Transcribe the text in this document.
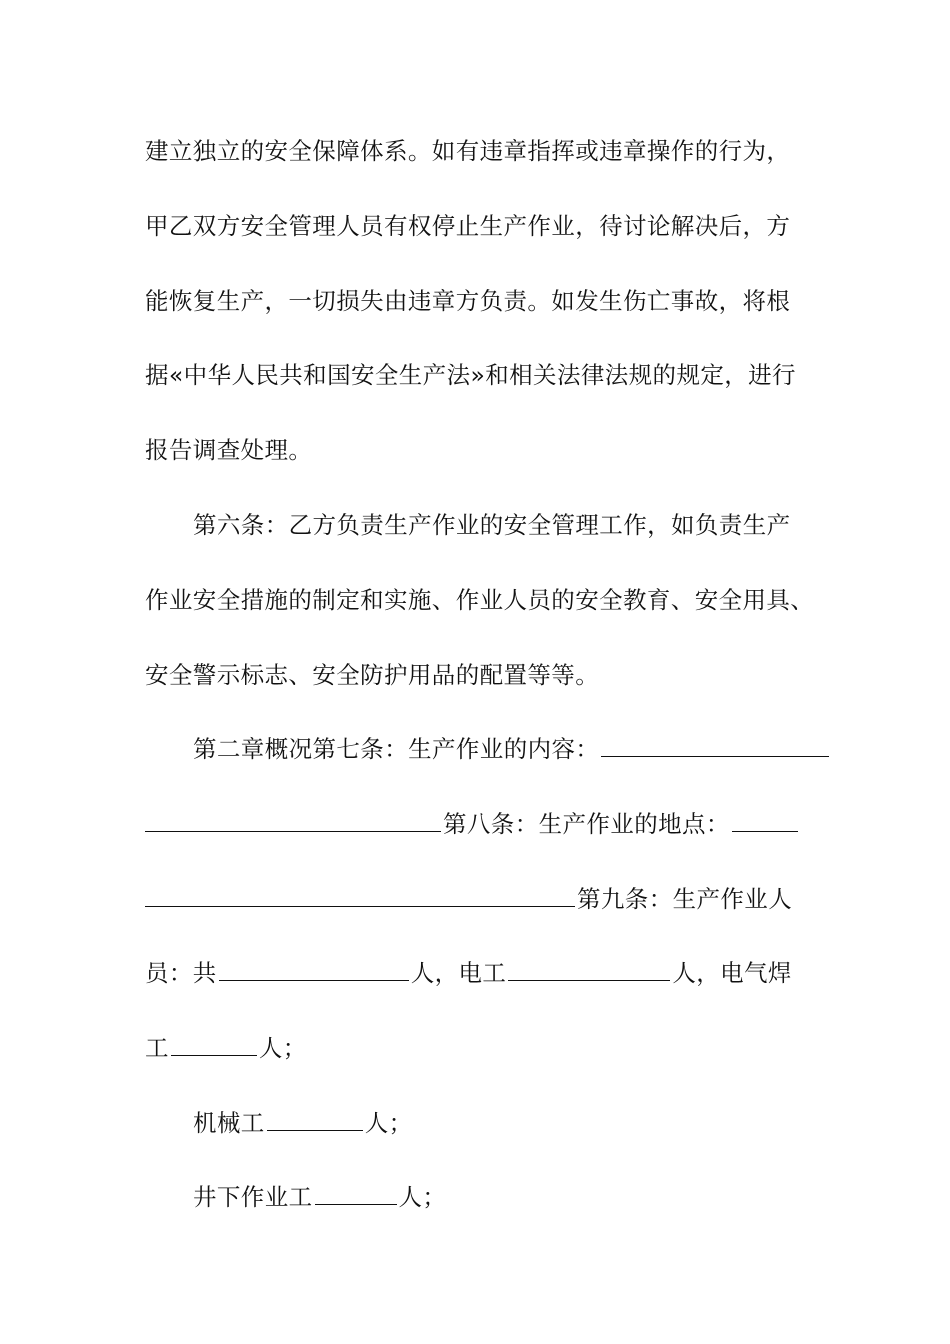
建立独立的安全保障体系。如有违章指挥或违章操作的行为，
甲乙双方安全管理人员有权停止生产作业，待讨论解决后，方
能恢复生产，一切损失由违章方负责。如发生伤亡事故，将根
据«中华人民共和国安全生产法»和相关法律法规的规定，进行
报告调查处理。
第六条：乙方负责生产作业的安全管理工作，如负责生产
作业安全措施的制定和实施、作业人员的安全教育、安全用具、
安全警示标志、安全防护用品的配置等等。
第二章概况第七条：生产作业的内容：
第八条：生产作业的地点：
第九条：生产作业人
员：共	人，电工	人，电气焊
工	人；
机械工	人；
井下作业工	人；
